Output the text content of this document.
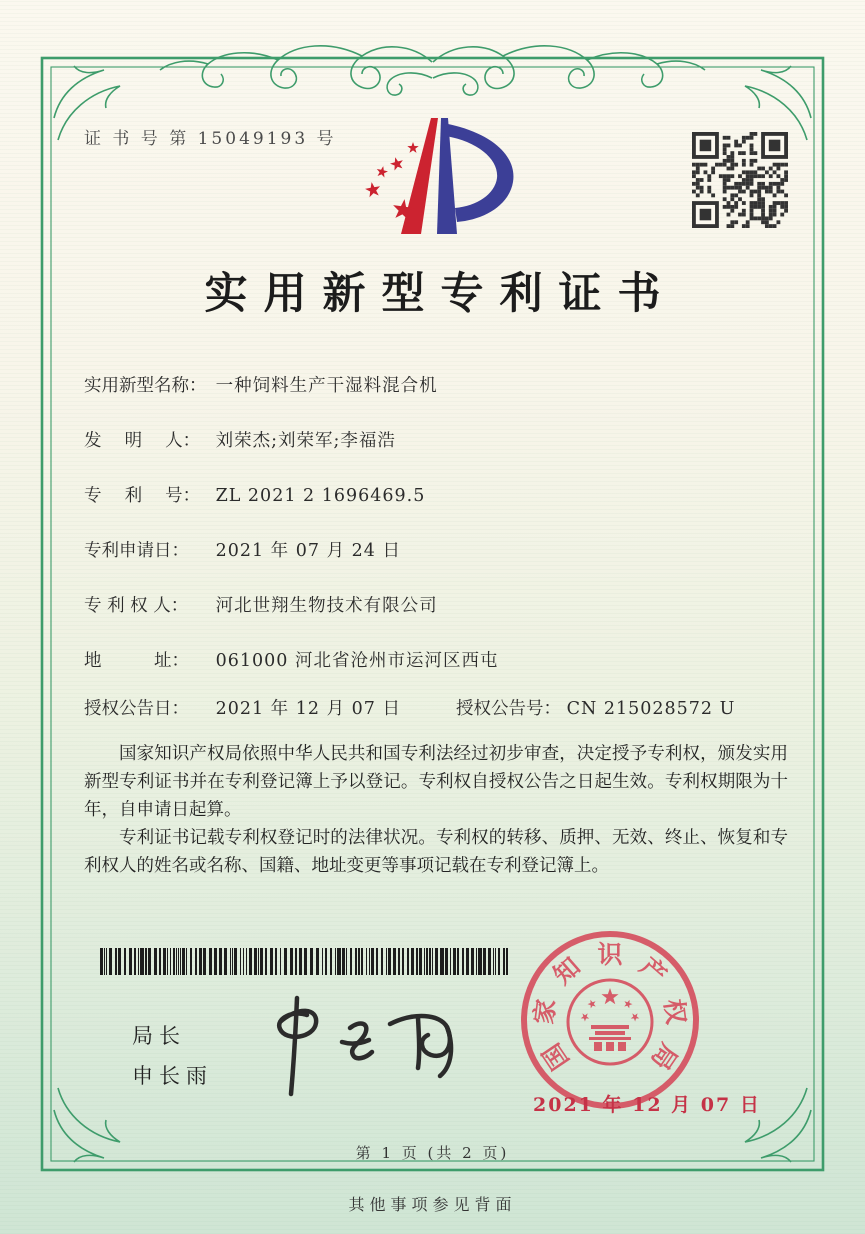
证 书 号 第 15049193 号
实用新型专利证书
实用新型名称： 一种饲料生产干湿料混合机
发　 明　 人： 刘荣杰;刘荣军;李福浩
专　 利　 号： ZL 2021 2 1696469.5
专利申请日： 2021 年 07 月 24 日
专 利 权 人： 河北世翔生物技术有限公司
地　　　址： 061000 河北省沧州市运河区西屯
授权公告日： 2021 年 12 月 07 日	授权公告号： CN 215028572 U

国家知识产权局依照中华人民共和国专利法经过初步审查，决定授予专利权，颁发实用新型专利证书并在专利登记簿上予以登记。专利权自授权公告之日起生效。专利权期限为十年，自申请日起算。

专利证书记载专利权登记时的法律状况。专利权的转移、质押、无效、终止、恢复和专利权人的姓名或名称、国籍、地址变更等事项记载在专利登记簿上。

局长
申长雨
国
家
知 识 产
权
局
2021 年 12 月 07 日
第 1 页 (共 2 页)
其他事项参见背面
